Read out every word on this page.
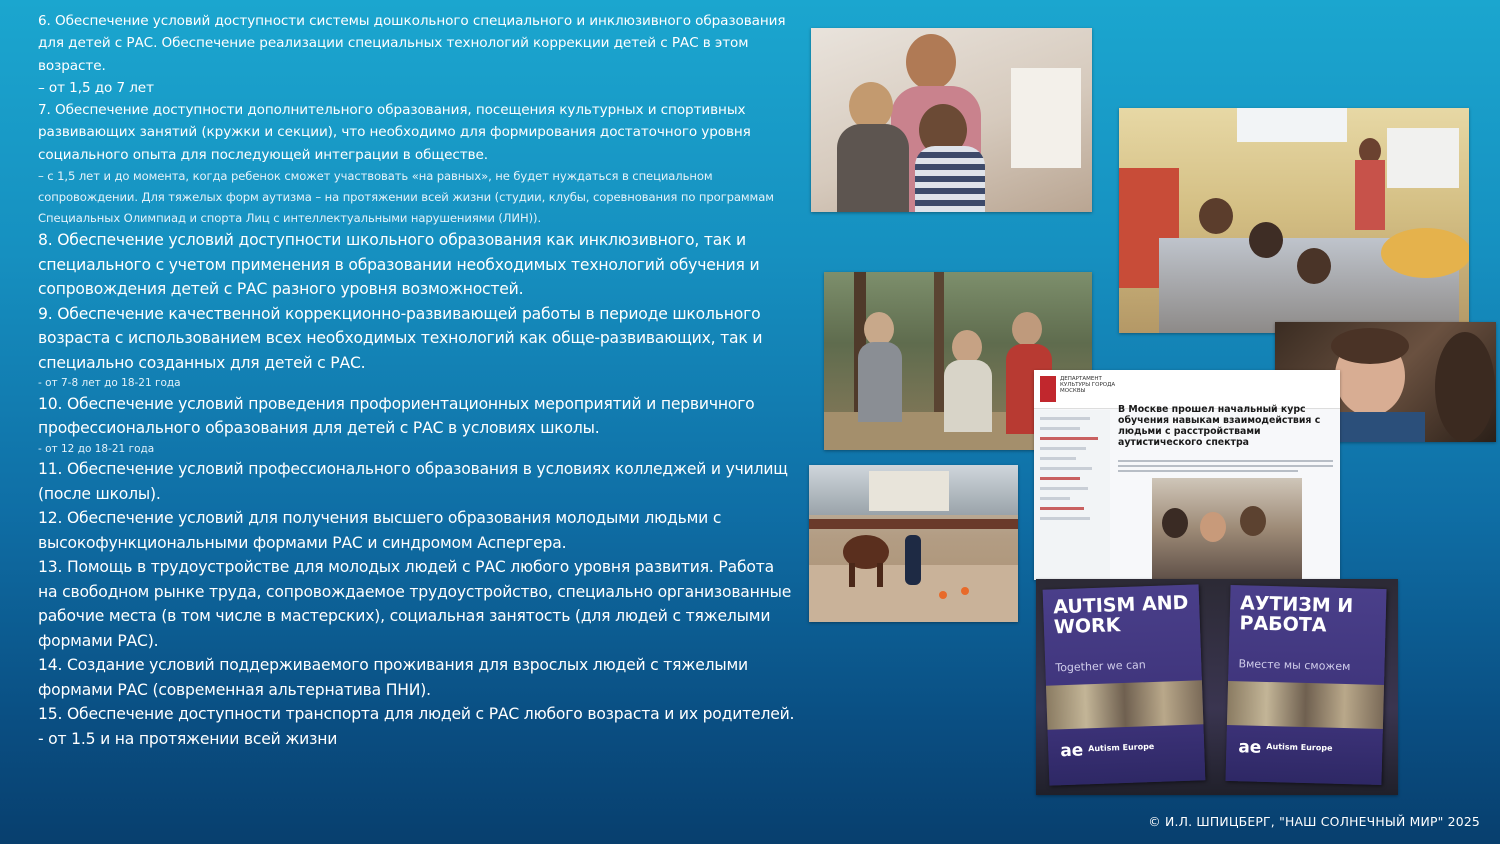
6. Обеспечение условий доступности системы дошкольного специального и инклюзивного образования для детей с РАС. Обеспечение реализации специальных технологий коррекции детей с РАС в этом возрасте.

– от 1,5 до 7 лет

7. Обеспечение доступности дополнительного образования, посещения культурных и спортивных развивающих занятий (кружки и секции), что необходимо для формирования достаточного уровня социального опыта для последующей интеграции в обществе.

– с 1,5 лет и до момента, когда ребенок сможет участвовать «на равных», не будет нуждаться в специальном сопровождении. Для тяжелых форм аутизма – на протяжении всей жизни (студии, клубы, соревнования по программам Специальных Олимпиад и спорта Лиц с интеллектуальными нарушениями (ЛИН)).

8. Обеспечение условий доступности школьного образования как инклюзивного, так и специального с учетом применения в образовании необходимых технологий обучения и сопровождения детей с РАС разного уровня возможностей.

9. Обеспечение качественной коррекционно-развивающей работы в периоде школьного возраста с использованием всех необходимых технологий как обще-развивающих, так и специально созданных для детей с РАС.

- от 7-8 лет до 18-21 года

10. Обеспечение условий проведения профориентационных мероприятий и первичного профессионального образования для детей с РАС в условиях школы.

- от 12 до 18-21 года

11. Обеспечение условий профессионального образования в условиях колледжей и училищ (после школы).

12. Обеспечение условий для получения высшего образования молодыми людьми с высокофункциональными формами РАС и синдромом Аспергера.

13. Помощь в трудоустройстве для молодых людей с РАС любого уровня развития. Работа на свободном рынке труда, сопровождаемое трудоустройство, специально организованные рабочие места (в том числе в мастерских), социальная занятость (для людей с тяжелыми формами РАС).

14. Создание условий поддерживаемого проживания для взрослых людей с тяжелыми формами РАС (современная альтернатива ПНИ).

15. Обеспечение доступности транспорта для людей с РАС любого возраста и их родителей.

- от 1.5 и на протяжении всей жизни

ДЕПАРТАМЕНТ КУЛЬТУРЫ ГОРОДА МОСКВЫ
В Москве прошел начальный курс обучения навыкам взаимодействия с людьми с расстройствами аутистического спектра
AUTISM AND WORK
Together we can
ae Autism Europe
АУТИЗМ И РАБОТА
Вместе мы сможем
ae Autism Europe
© И.Л. ШПИЦБЕРГ, "НАШ СОЛНЕЧНЫЙ МИР" 2025
